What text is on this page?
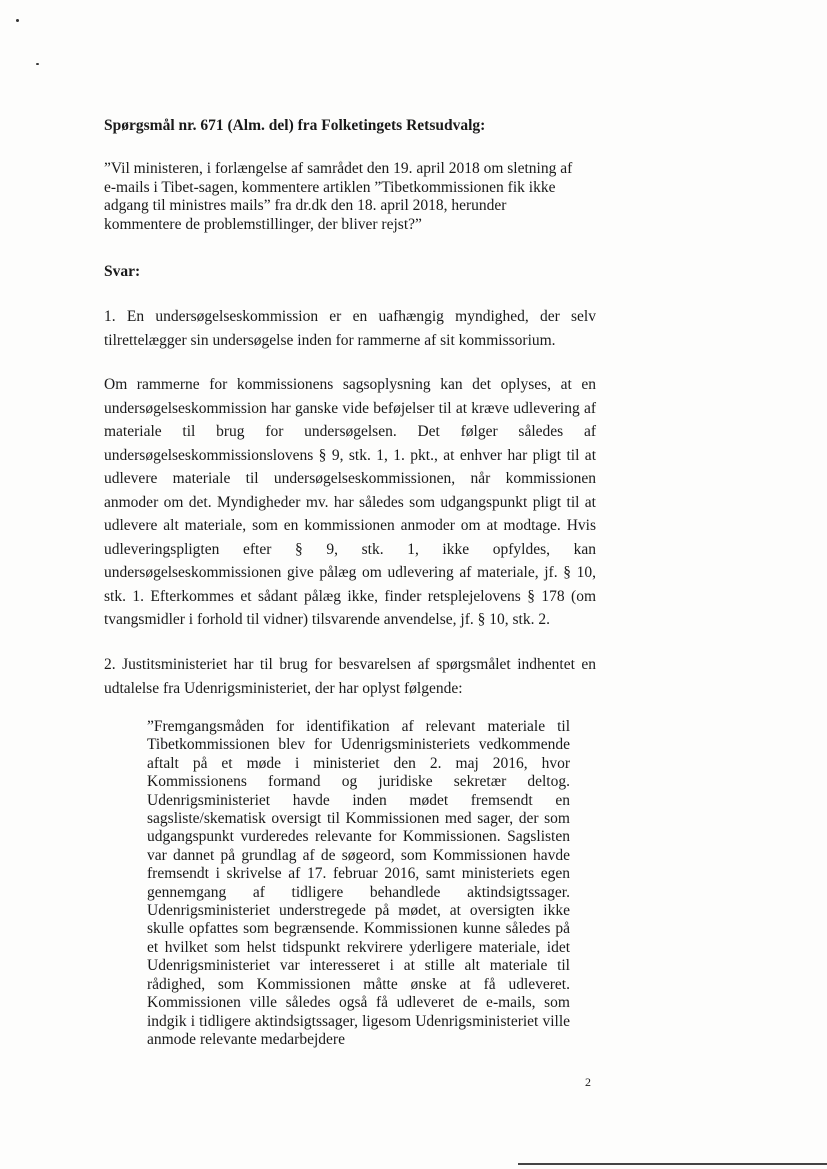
Spørgsmål nr. 671 (Alm. del) fra Folketingets Retsudvalg:
”Vil ministeren, i forlængelse af samrådet den 19. april 2018 om sletning af e-mails i Tibet-sagen, kommentere artiklen ”Tibetkommissionen fik ikke adgang til ministres mails” fra dr.dk den 18. april 2018, herunder kommentere de problemstillinger, der bliver rejst?”
Svar:
1. En undersøgelseskommission er en uafhængig myndighed, der selv tilrettelægger sin undersøgelse inden for rammerne af sit kommissorium.
Om rammerne for kommissionens sagsoplysning kan det oplyses, at en undersøgelseskommission har ganske vide beføjelser til at kræve udlevering af materiale til brug for undersøgelsen. Det følger således af undersøgelseskommissionslovens § 9, stk. 1, 1. pkt., at enhver har pligt til at udlevere materiale til undersøgelseskommissionen, når kommissionen anmoder om det. Myndigheder mv. har således som udgangspunkt pligt til at udlevere alt materiale, som en kommissionen anmoder om at modtage. Hvis udleveringspligten efter § 9, stk. 1, ikke opfyldes, kan undersøgelseskommissionen give pålæg om udlevering af materiale, jf. § 10, stk. 1. Efterkommes et sådant pålæg ikke, finder retsplejelovens § 178 (om tvangsmidler i forhold til vidner) tilsvarende anvendelse, jf. § 10, stk. 2.
2. Justitsministeriet har til brug for besvarelsen af spørgsmålet indhentet en udtalelse fra Udenrigsministeriet, der har oplyst følgende:
”Fremgangsmåden for identifikation af relevant materiale til Tibetkommissionen blev for Udenrigsministeriets vedkommende aftalt på et møde i ministeriet den 2. maj 2016, hvor Kommissionens formand og juridiske sekretær deltog. Udenrigsministeriet havde inden mødet fremsendt en sagsliste/skematisk oversigt til Kommissionen med sager, der som udgangspunkt vurderedes relevante for Kommissionen. Sagslisten var dannet på grundlag af de søgeord, som Kommissionen havde fremsendt i skrivelse af 17. februar 2016, samt ministeriets egen gennemgang af tidligere behandlede aktindsigtssager. Udenrigsministeriet understregede på mødet, at oversigten ikke skulle opfattes som begrænsende. Kommissionen kunne således på et hvilket som helst tidspunkt rekvirere yderligere materiale, idet Udenrigsministeriet var interesseret i at stille alt materiale til rådighed, som Kommissionen måtte ønske at få udleveret. Kommissionen ville således også få udleveret de e-mails, som indgik i tidligere aktindsigtssager, ligesom Udenrigsministeriet ville anmode relevante medarbejdere
2
